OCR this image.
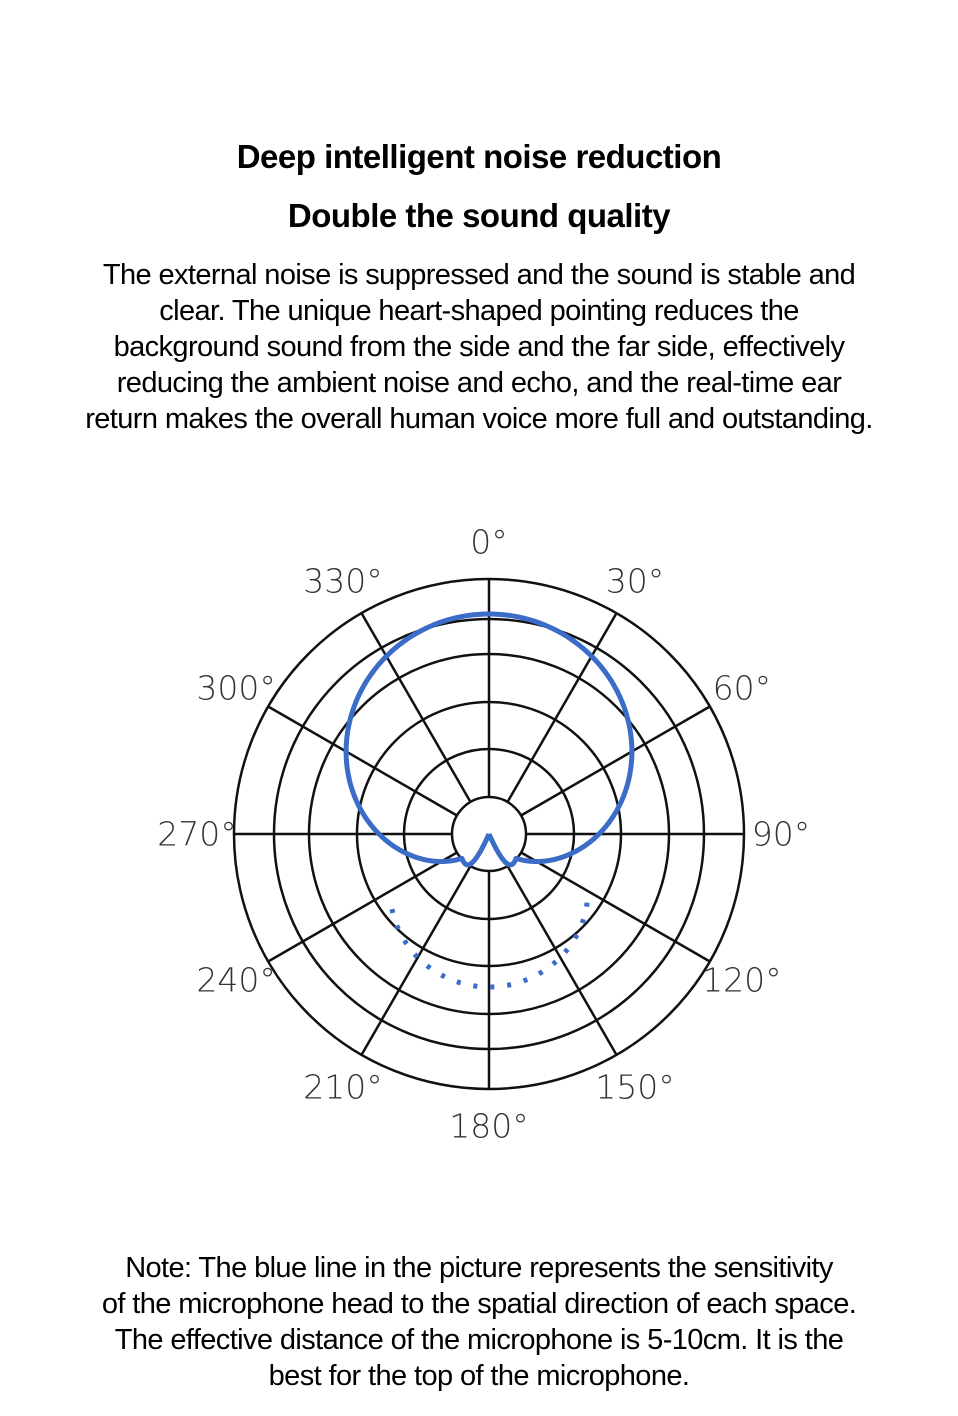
Deep intelligent noise reduction
Double the sound quality
The external noise is suppressed and the sound is stable and
clear. The unique heart-shaped pointing reduces the
background sound from the side and the far side, effectively
reducing the ambient noise and echo, and the real-time ear
return makes the overall human voice more full and outstanding.
0°
30°
60°
90°
120°
150°
180°
210°
240°
270°
300°
330°
Note: The blue line in the picture represents the sensitivity
of the microphone head to the spatial direction of each space.
The effective distance of the microphone is 5-10cm. It is the
best for the top of the microphone.
